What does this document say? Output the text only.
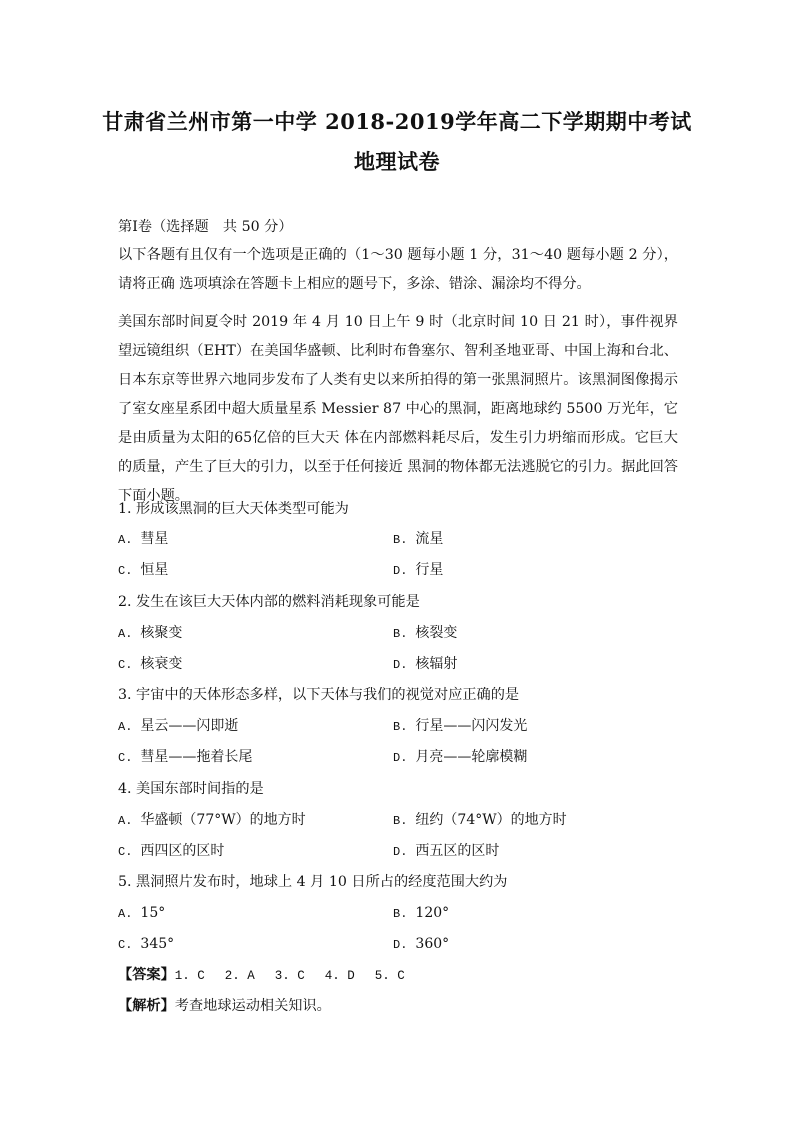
甘肃省兰州市第一中学 2018-2019学年高二下学期期中考试
地理试卷
第Ⅰ卷（选择题　共 50 分）
以下各题有且仅有一个选项是正确的（1～30 题每小题 1 分，31～40 题每小题 2 分），请将正确 选项填涂在答题卡上相应的题号下，多涂、错涂、漏涂均不得分。
美国东部时间夏令时 2019 年 4 月 10 日上午 9 时（北京时间 10 日 21 时），事件视界望远镜组织（EHT）在美国华盛顿、比利时布鲁塞尔、智利圣地亚哥、中国上海和台北、日本东京等世界六地同步发布了人类有史以来所拍得的第一张黑洞照片。该黑洞图像揭示了室女座星系团中超大质量星系 Messier 87 中心的黑洞，距离地球约 5500 万光年，它是由质量为太阳的65亿倍的巨大天 体在内部燃料耗尽后，发生引力坍缩而形成。它巨大的质量，产生了巨大的引力，以至于任何接近 黑洞的物体都无法逃脱它的引力。据此回答下面小题。
1. 形成该黑洞的巨大天体类型可能为
A. 彗星	B. 流星
C. 恒星	D. 行星
2. 发生在该巨大天体内部的燃料消耗现象可能是
A. 核聚变	B. 核裂变
C. 核衰变	D. 核辐射
3. 宇宙中的天体形态多样，以下天体与我们的视觉对应正确的是
A. 星云——闪即逝	B. 行星——闪闪发光
C. 彗星——拖着长尾	D. 月亮——轮廓模糊
4. 美国东部时间指的是
A. 华盛顿（77°W）的地方时	B. 纽约（74°W）的地方时
C. 西四区的区时	D. 西五区的区时
5. 黑洞照片发布时，地球上 4 月 10 日所占的经度范围大约为
A. 15°	B. 120°
C. 345°	D. 360°
【答案】1. C　 2. A　 3. C　 4. D　 5. C
【解析】考查地球运动相关知识。
